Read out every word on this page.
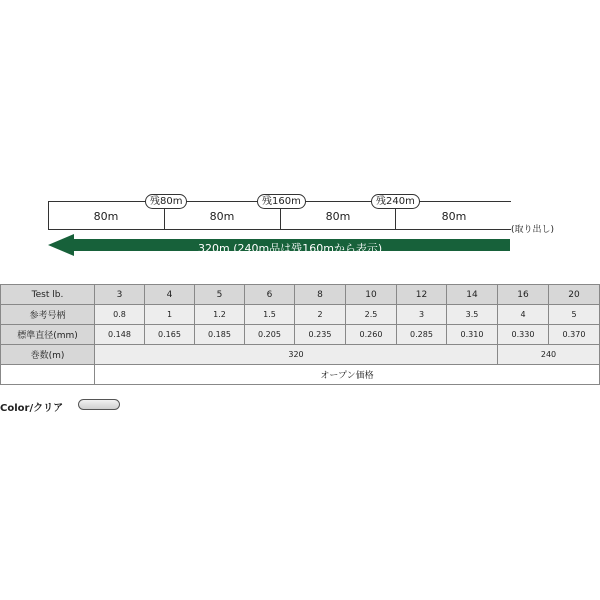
80m	80m	80m	80m
残80m	残160m	残240m
(取り出し)
320m (240m品は残160mから表示)
Test lb.	3	4	5	6	8	10	12	14	16	20
参考号柄	0.8	1	1.2	1.5	2	2.5	3	3.5	4	5
標準直径(mm)	0.148	0.165	0.185	0.205	0.235	0.260	0.285	0.310	0.330	0.370
巻数(m)	320								240	
	オープン価格									
Color/クリア
